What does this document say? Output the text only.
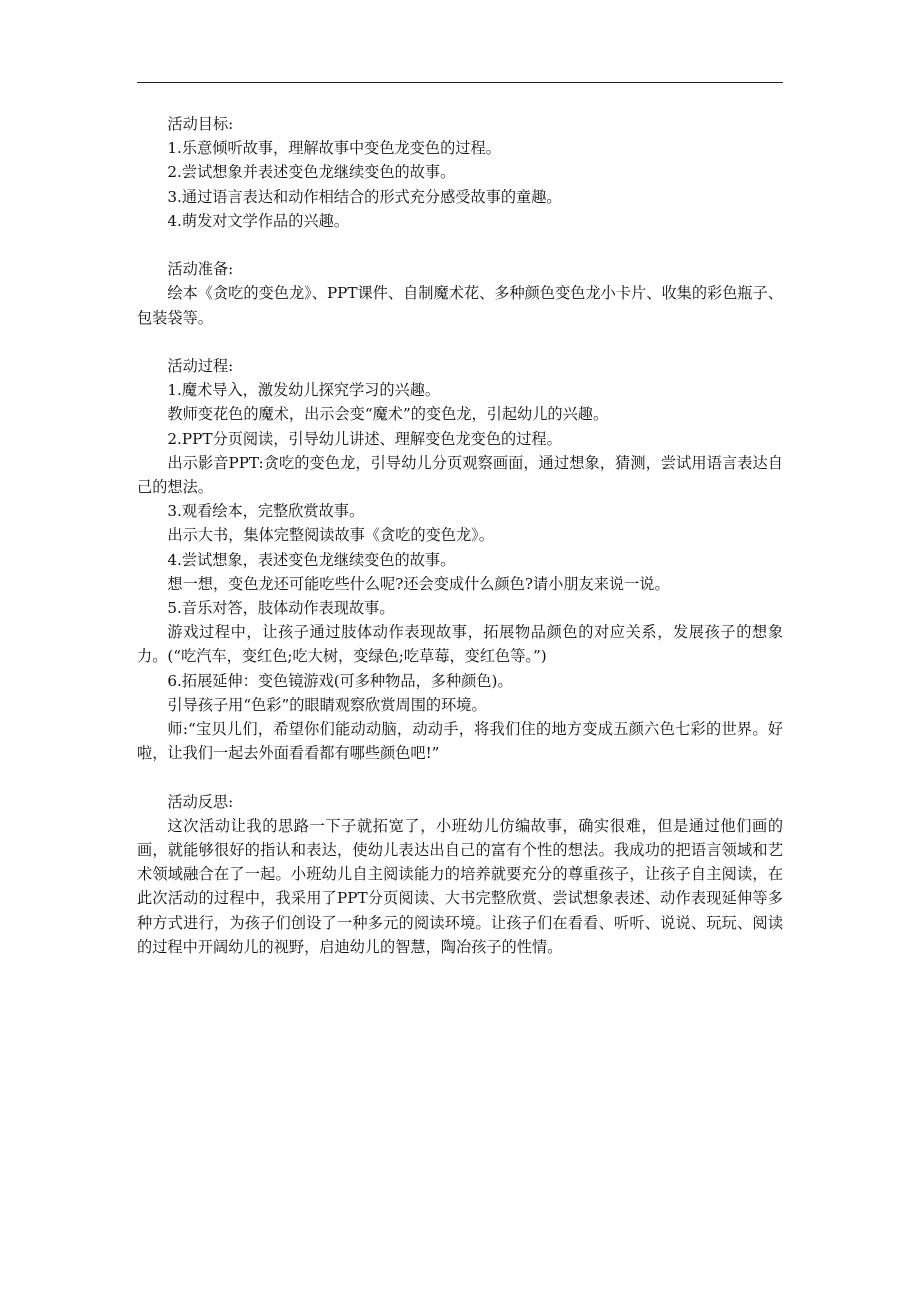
活动目标:

1.乐意倾听故事，理解故事中变色龙变色的过程。

2.尝试想象并表述变色龙继续变色的故事。

3.通过语言表达和动作相结合的形式充分感受故事的童趣。

4.萌发对文学作品的兴趣。

活动准备:

绘本《贪吃的变色龙》、PPT课件、自制魔术花、多种颜色变色龙小卡片、收集的彩色瓶子、包装袋等。

活动过程:

1.魔术导入，激发幼儿探究学习的兴趣。

教师变花色的魔术，出示会变“魔术”的变色龙，引起幼儿的兴趣。

2.PPT分页阅读，引导幼儿讲述、理解变色龙变色的过程。

出示影音PPT:贪吃的变色龙，引导幼儿分页观察画面，通过想象，猜测，尝试用语言表达自己的想法。

3.观看绘本，完整欣赏故事。

出示大书，集体完整阅读故事《贪吃的变色龙》。

4.尝试想象，表述变色龙继续变色的故事。

想一想，变色龙还可能吃些什么呢?还会变成什么颜色?请小朋友来说一说。

5.音乐对答，肢体动作表现故事。

游戏过程中，让孩子通过肢体动作表现故事，拓展物品颜色的对应关系，发展孩子的想象力。(“吃汽车，变红色;吃大树，变绿色;吃草莓，变红色等。”)

6.拓展延伸：变色镜游戏(可多种物品，多种颜色)。

引导孩子用“色彩”的眼睛观察欣赏周围的环境。

师:“宝贝儿们，希望你们能动动脑，动动手，将我们住的地方变成五颜六色七彩的世界。好啦，让我们一起去外面看看都有哪些颜色吧!”

活动反思:

这次活动让我的思路一下子就拓宽了，小班幼儿仿编故事，确实很难，但是通过他们画的画，就能够很好的指认和表达，使幼儿表达出自己的富有个性的想法。我成功的把语言领域和艺术领域融合在了一起。小班幼儿自主阅读能力的培养就要充分的尊重孩子，让孩子自主阅读，在此次活动的过程中，我采用了PPT分页阅读、大书完整欣赏、尝试想象表述、动作表现延伸等多种方式进行，为孩子们创设了一种多元的阅读环境。让孩子们在看看、听听、说说、玩玩、阅读的过程中开阔幼儿的视野，启迪幼儿的智慧，陶冶孩子的性情。
